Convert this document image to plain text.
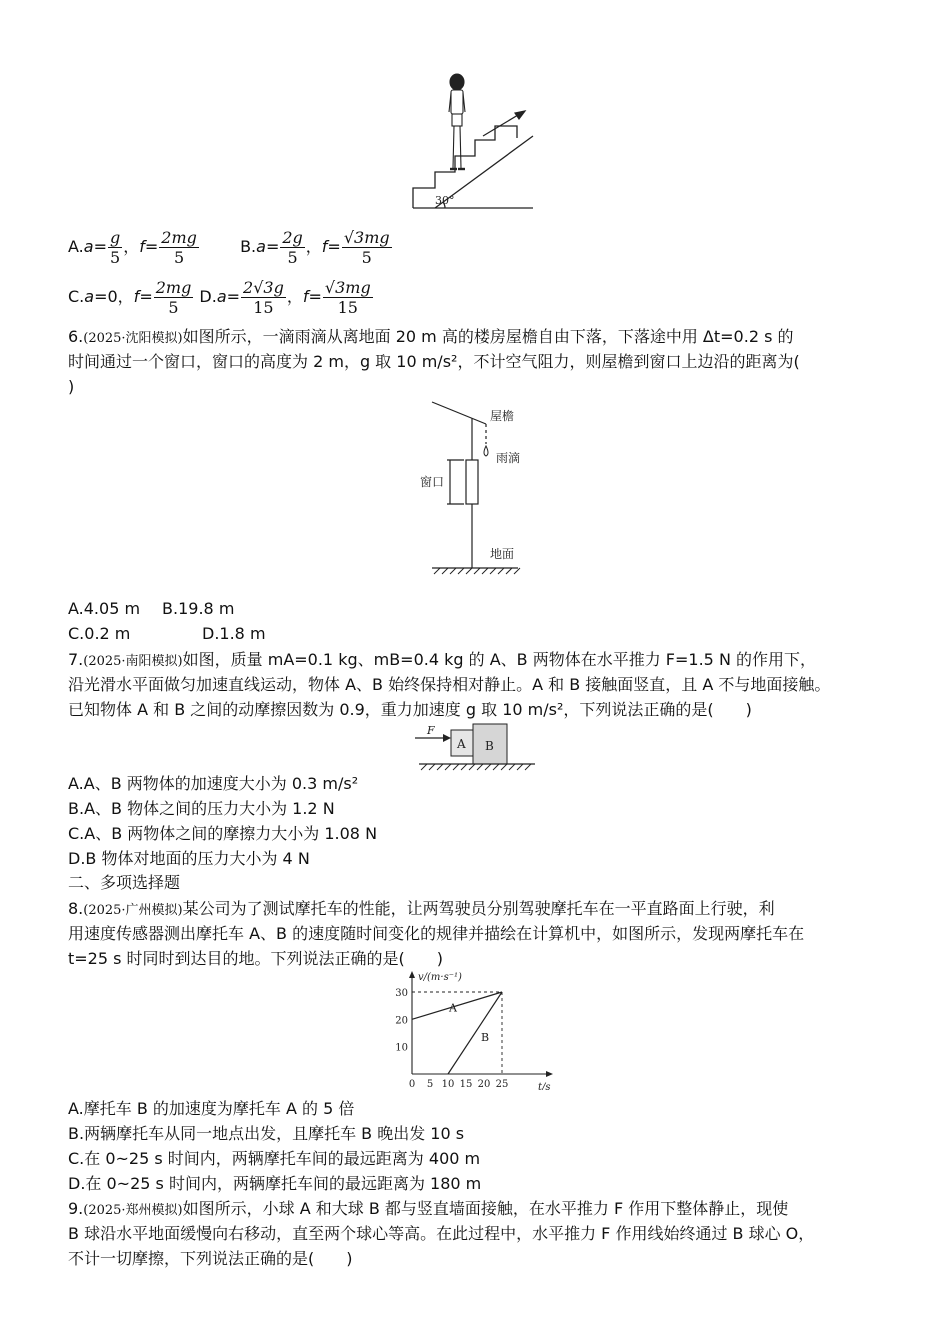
30°
$A.a= \frac{g}{5}$ ，$f= \frac{2mg}{5}$	$B.a= \frac{2g}{5}$ ，$f= \frac{√3mg}{5}$
C.a=0，$f= \frac{2mg}{5} D.a= \frac{2√3g}{15}$ ，$f= \frac{√3mg}{15}$
6.(2025·沈阳模拟)如图所示，一滴雨滴从离地面 20 m 高的楼房屋檐自由下落，下落途中用 Δt=0.2 s 的
时间通过一个窗口，窗口的高度为 2 m，g 取 10 m/s²，不计空气阻力，则屋檐到窗口上边沿的距离为(
)
屋檐
雨滴
窗口
地面
A.4.05 m B.19.8 m
C.0.2 m	D.1.8 m
7.(2025·南阳模拟)如图，质量 mA=0.1 kg、mB=0.4 kg 的 A、B 两物体在水平推力 F=1.5 N 的作用下，
沿光滑水平面做匀加速直线运动，物体 A、B 始终保持相对静止。A 和 B 接触面竖直，且 A 不与地面接触。
已知物体 A 和 B 之间的动摩擦因数为 0.9，重力加速度 g 取 10 m/s²，下列说法正确的是(　　)
F
A B
A.A、B 两物体的加速度大小为 0.3 m/s²
B.A、B 物体之间的压力大小为 1.2 N
C.A、B 两物体之间的摩擦力大小为 1.08 N
D.B 物体对地面的压力大小为 4 N
二、多项选择题
8.(2025·广州模拟)某公司为了测试摩托车的性能，让两驾驶员分别驾驶摩托车在一平直路面上行驶，利
用速度传感器测出摩托车 A、B 的速度随时间变化的规律并描绘在计算机中，如图所示，发现两摩托车在
t=25 s 时同时到达目的地。下列说法正确的是(　　)
v/(m·s⁻¹)
t/s
0 5 10 15 20 25
10
20
30
A
B
A.摩托车 B 的加速度为摩托车 A 的 5 倍
B.两辆摩托车从同一地点出发，且摩托车 B 晚出发 10 s
C.在 0~25 s 时间内，两辆摩托车间的最远距离为 400 m
D.在 0~25 s 时间内，两辆摩托车间的最远距离为 180 m
9.(2025·郑州模拟)如图所示，小球 A 和大球 B 都与竖直墙面接触，在水平推力 F 作用下整体静止，现使
B 球沿水平地面缓慢向右移动，直至两个球心等高。在此过程中，水平推力 F 作用线始终通过 B 球心 O，
不计一切摩擦，下列说法正确的是(　　)
